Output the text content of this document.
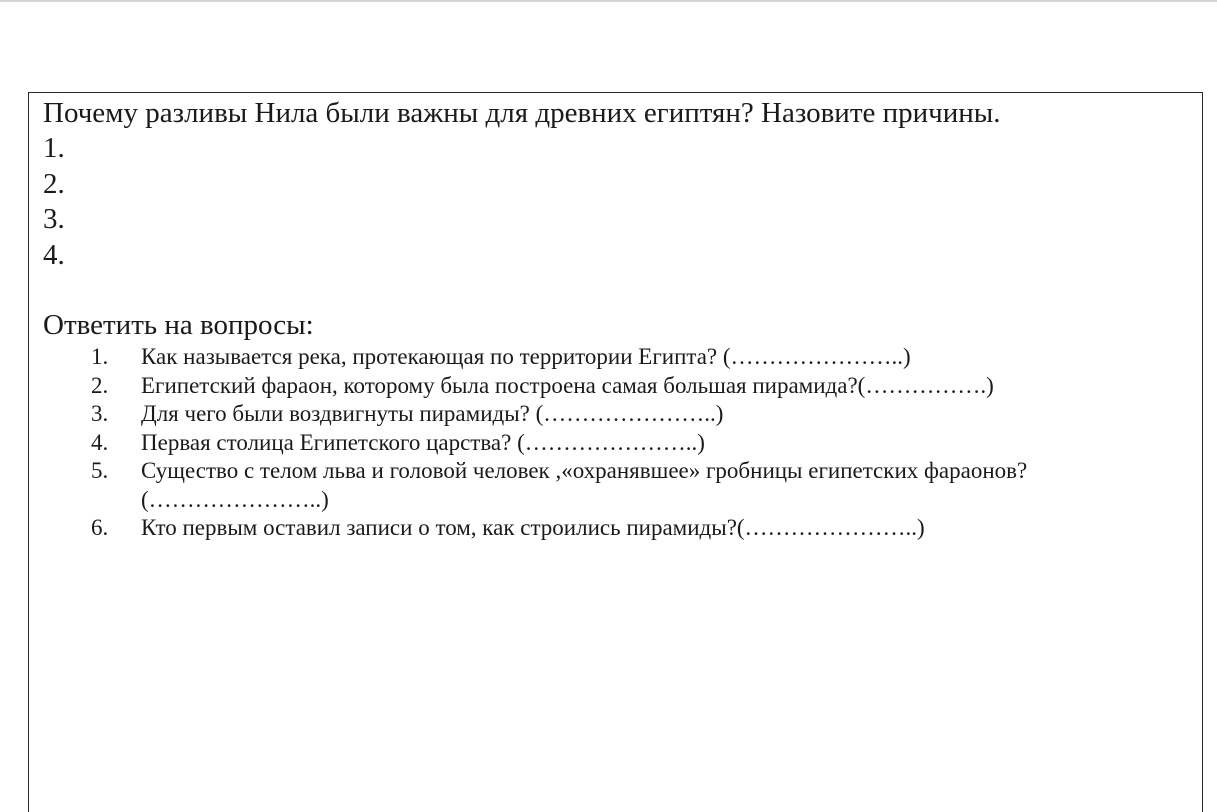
Почему разливы Нила были важны для древних египтян? Назовите причины.

1.
2.
3.
4.

Ответить на вопросы:

1. Как называется река, протекающая по территории Египта? (…………………..)
2. Египетский фараон, которому была построена самая большая пирамида?(…………….)
3. Для чего были воздвигнуты пирамиды? (…………………..)
4. Первая столица Египетского царства? (…………………..)
5. Существо с телом льва и головой человек ,«охранявшее» гробницы египетских фараонов? (…………………..)
6. Кто первым оставил записи о том, как строились пирамиды?(…………………..)
